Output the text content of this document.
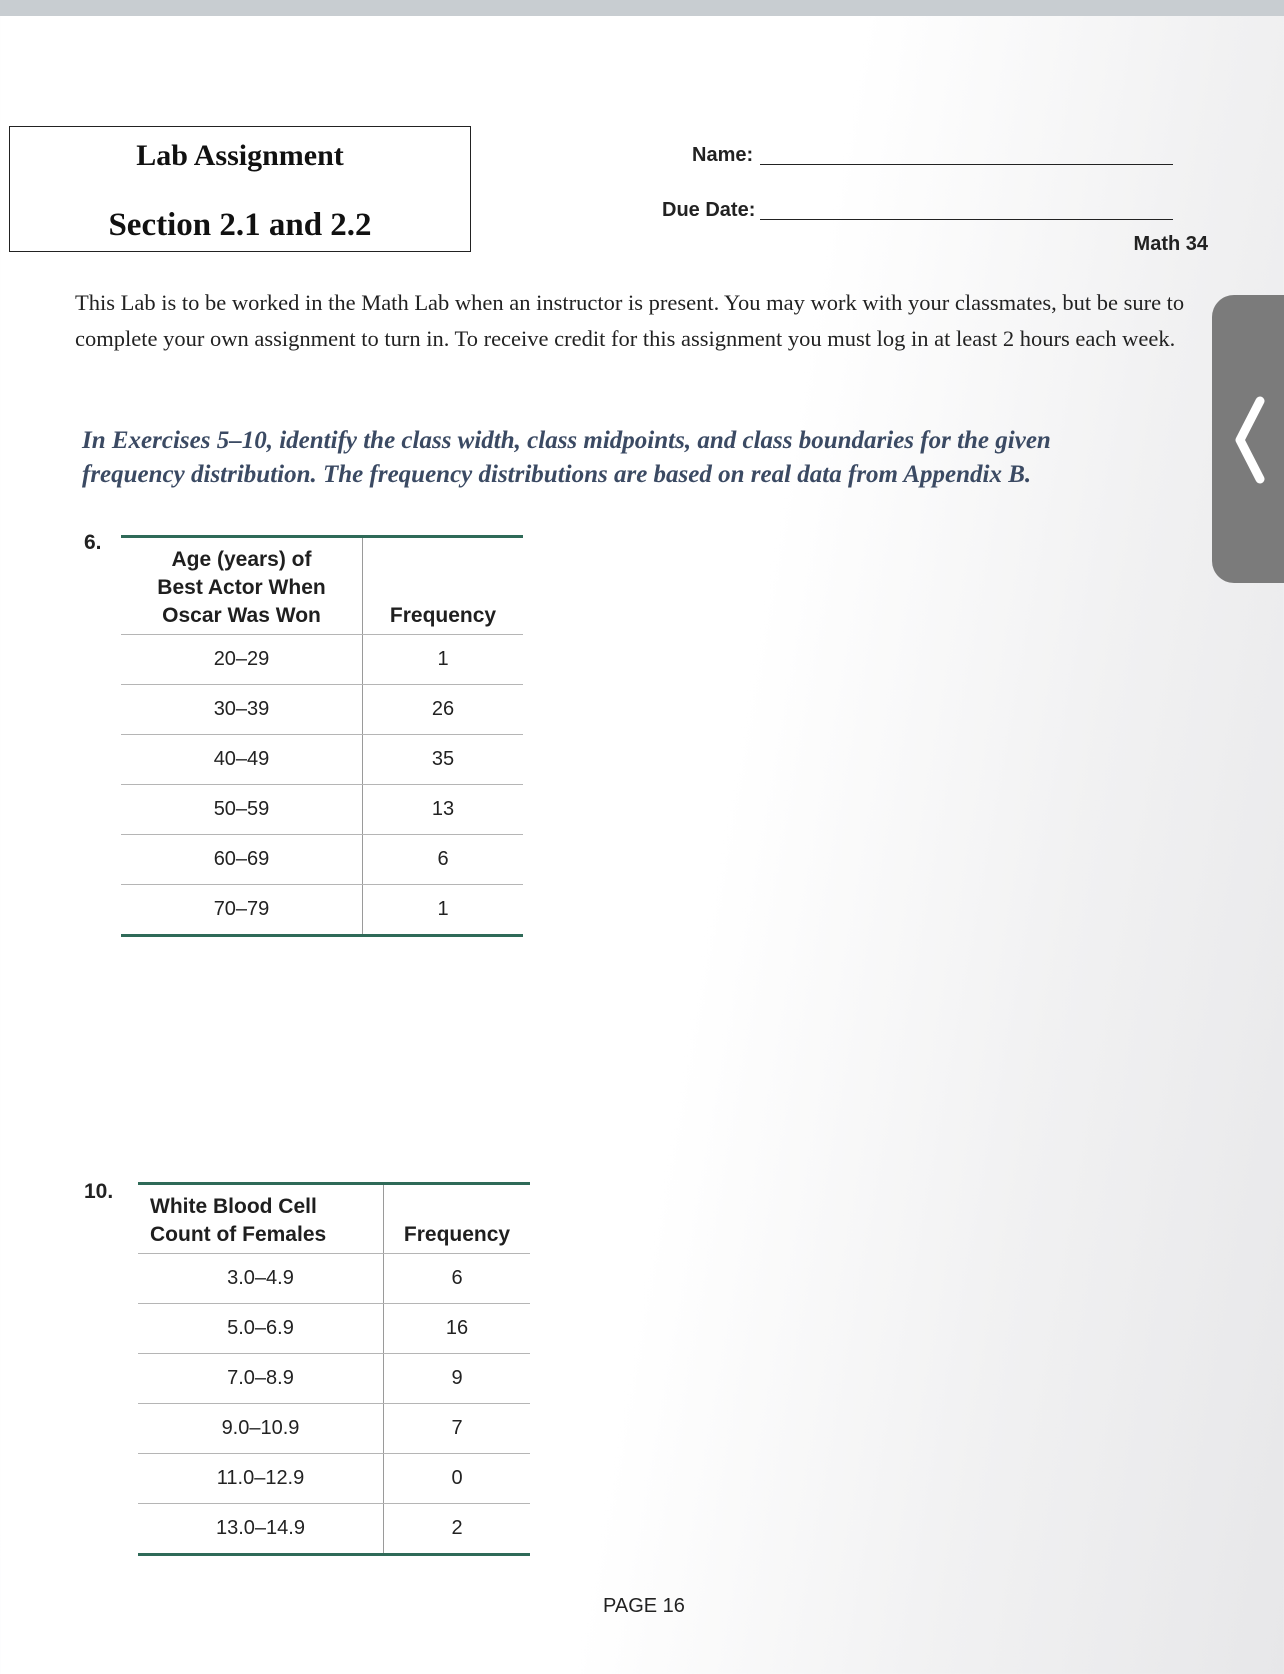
Lab Assignment
Section 2.1 and 2.2
Name:
Due Date:
Math 34
This Lab is to be worked in the Math Lab when an instructor is present. You may work with your classmates, but be sure to complete your own assignment to turn in. To receive credit for this assignment you must log in at least 2 hours each week.
In Exercises 5–10, identify the class width, class midpoints, and class boundaries for the given frequency distribution. The frequency distributions are based on real data from Appendix B.
6.
Age (years) of
Best Actor When
Oscar Was Won	Frequency
20–29	1
30–39	26
40–49	35
50–59	13
60–69	6
70–79	1
10.
White Blood Cell
Count of Females	Frequency
3.0–4.9	6
5.0–6.9	16
7.0–8.9	9
9.0–10.9	7
11.0–12.9	0
13.0–14.9	2
PAGE 16
